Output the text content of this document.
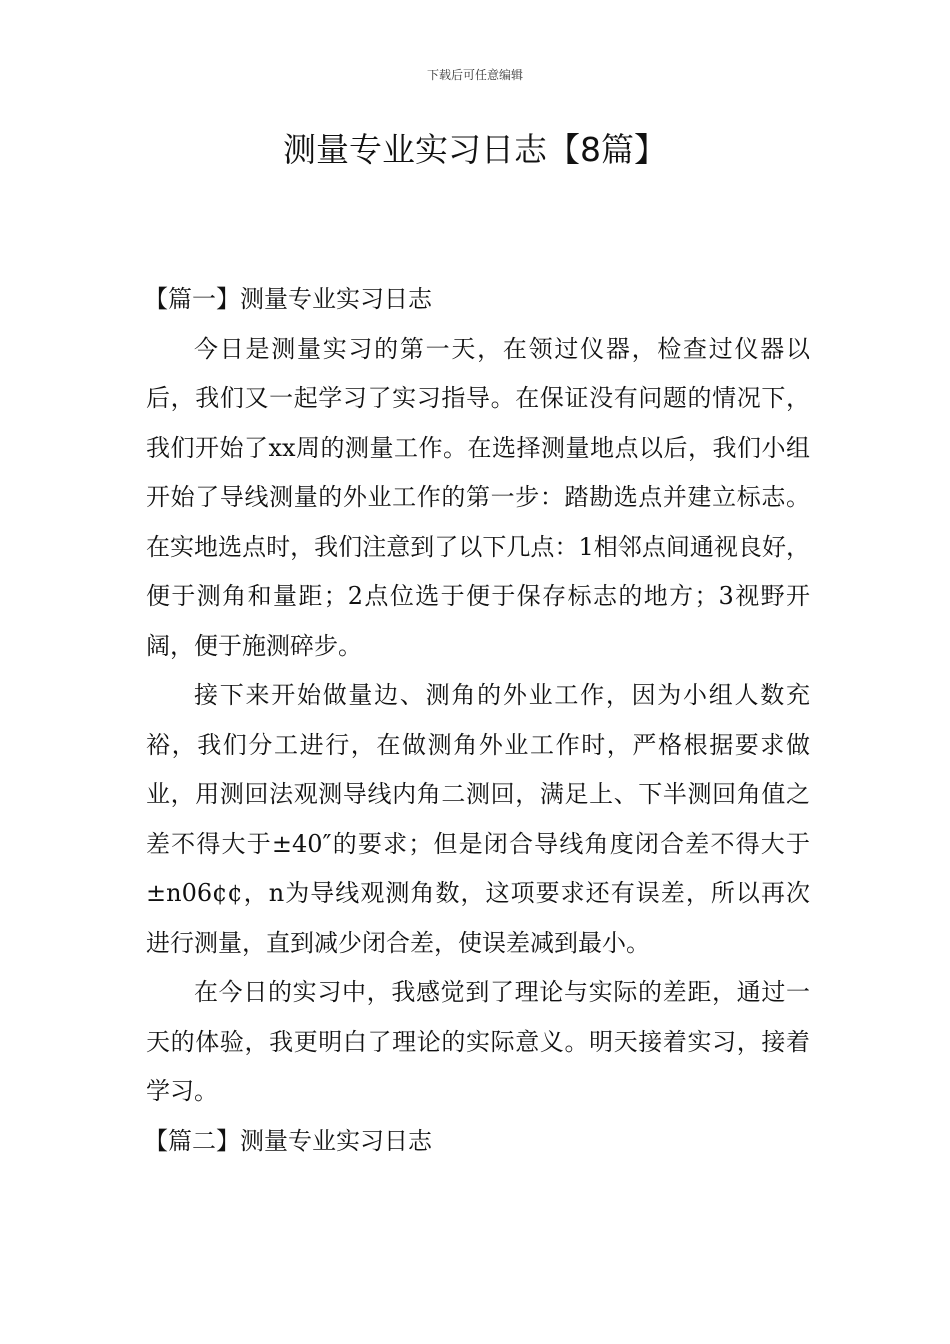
下载后可任意编辑
测量专业实习日志【8篇】
【篇一】测量专业实习日志

今日是测量实习的第一天，在领过仪器，检查过仪器以后，我们又一起学习了实习指导。在保证没有问题的情况下，我们开始了xx周的测量工作。在选择测量地点以后，我们小组开始了导线测量的外业工作的第一步：踏勘选点并建立标志。在实地选点时，我们注意到了以下几点：1相邻点间通视良好，便于测角和量距；2点位选于便于保存标志的地方；3视野开阔，便于施测碎步。

接下来开始做量边、测角的外业工作，因为小组人数充裕，我们分工进行，在做测角外业工作时，严格根据要求做业，用测回法观测导线内角二测回，满足上、下半测回角值之差不得大于±40″的要求；但是闭合导线角度闭合差不得大于±n06¢¢，n为导线观测角数，这项要求还有误差，所以再次进行测量，直到减少闭合差，使误差减到最小。

在今日的实习中，我感觉到了理论与实际的差距，通过一天的体验，我更明白了理论的实际意义。明天接着实习，接着学习。

【篇二】测量专业实习日志
